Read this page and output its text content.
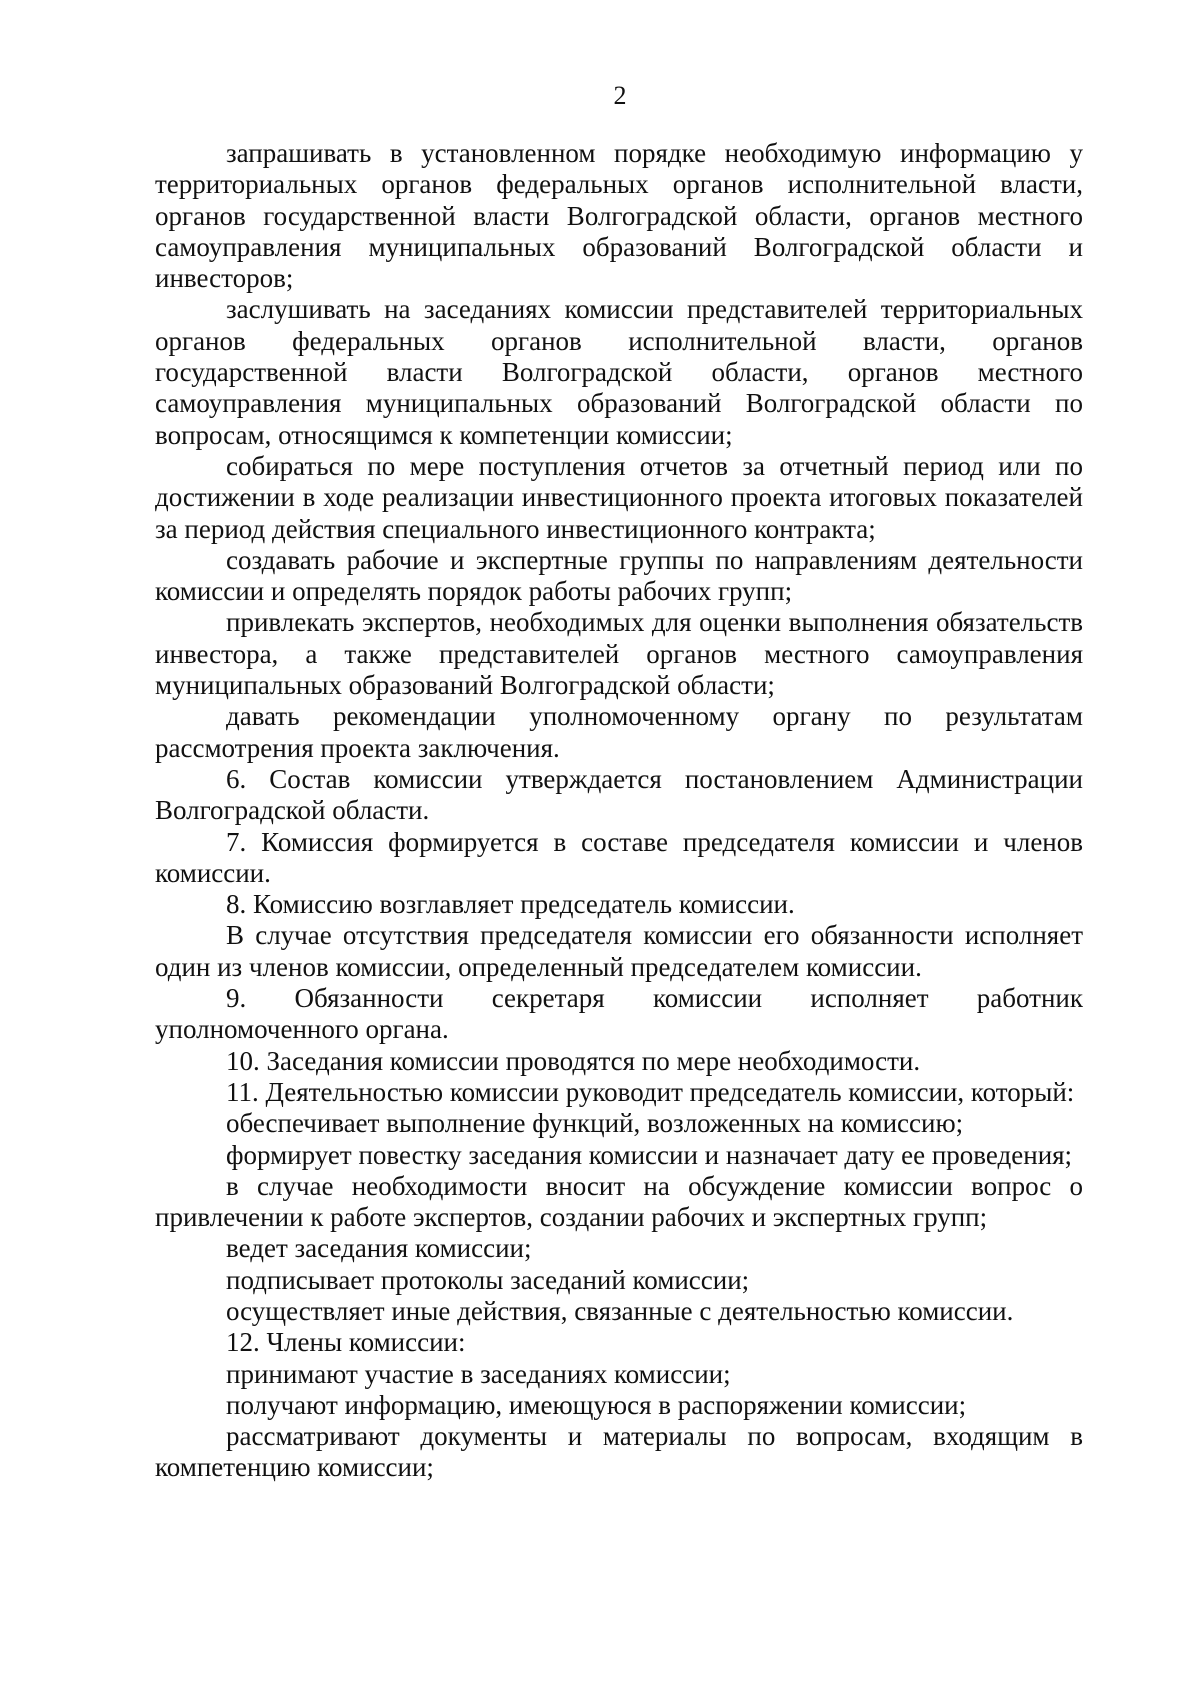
2

запрашивать в установленном порядке необходимую информацию у территориальных органов федеральных органов исполнительной власти, органов государственной власти Волгоградской области, органов местного самоуправления муниципальных образований Волгоградской области и инвесторов;

заслушивать на заседаниях комиссии представителей территориальных органов федеральных органов исполнительной власти, органов государственной власти Волгоградской области, органов местного самоуправления муниципальных образований Волгоградской области по вопросам, относящимся к компетенции комиссии;

собираться по мере поступления отчетов за отчетный период или по достижении в ходе реализации инвестиционного проекта итоговых показателей за период действия специального инвестиционного контракта;

создавать рабочие и экспертные группы по направлениям деятельности комиссии и определять порядок работы рабочих групп;

привлекать экспертов, необходимых для оценки выполнения обязательств инвестора, а также представителей органов местного самоуправления муниципальных образований Волгоградской области;

давать рекомендации уполномоченному органу по результатам рассмотрения проекта заключения.

6. Состав комиссии утверждается постановлением Администрации Волгоградской области.

7. Комиссия формируется в составе председателя комиссии и членов комиссии.

8. Комиссию возглавляет председатель комиссии.

В случае отсутствия председателя комиссии его обязанности исполняет один из членов комиссии, определенный председателем комиссии.

9. Обязанности секретаря комиссии исполняет работник уполномоченного органа.

10. Заседания комиссии проводятся по мере необходимости.

11. Деятельностью комиссии руководит председатель комиссии, который:

обеспечивает выполнение функций, возложенных на комиссию;

формирует повестку заседания комиссии и назначает дату ее проведения;

в случае необходимости вносит на обсуждение комиссии вопрос о привлечении к работе экспертов, создании рабочих и экспертных групп;

ведет заседания комиссии;

подписывает протоколы заседаний комиссии;

осуществляет иные действия, связанные с деятельностью комиссии.

12. Члены комиссии:

принимают участие в заседаниях комиссии;

получают информацию, имеющуюся в распоряжении комиссии;

рассматривают документы и материалы по вопросам, входящим в компетенцию комиссии;
